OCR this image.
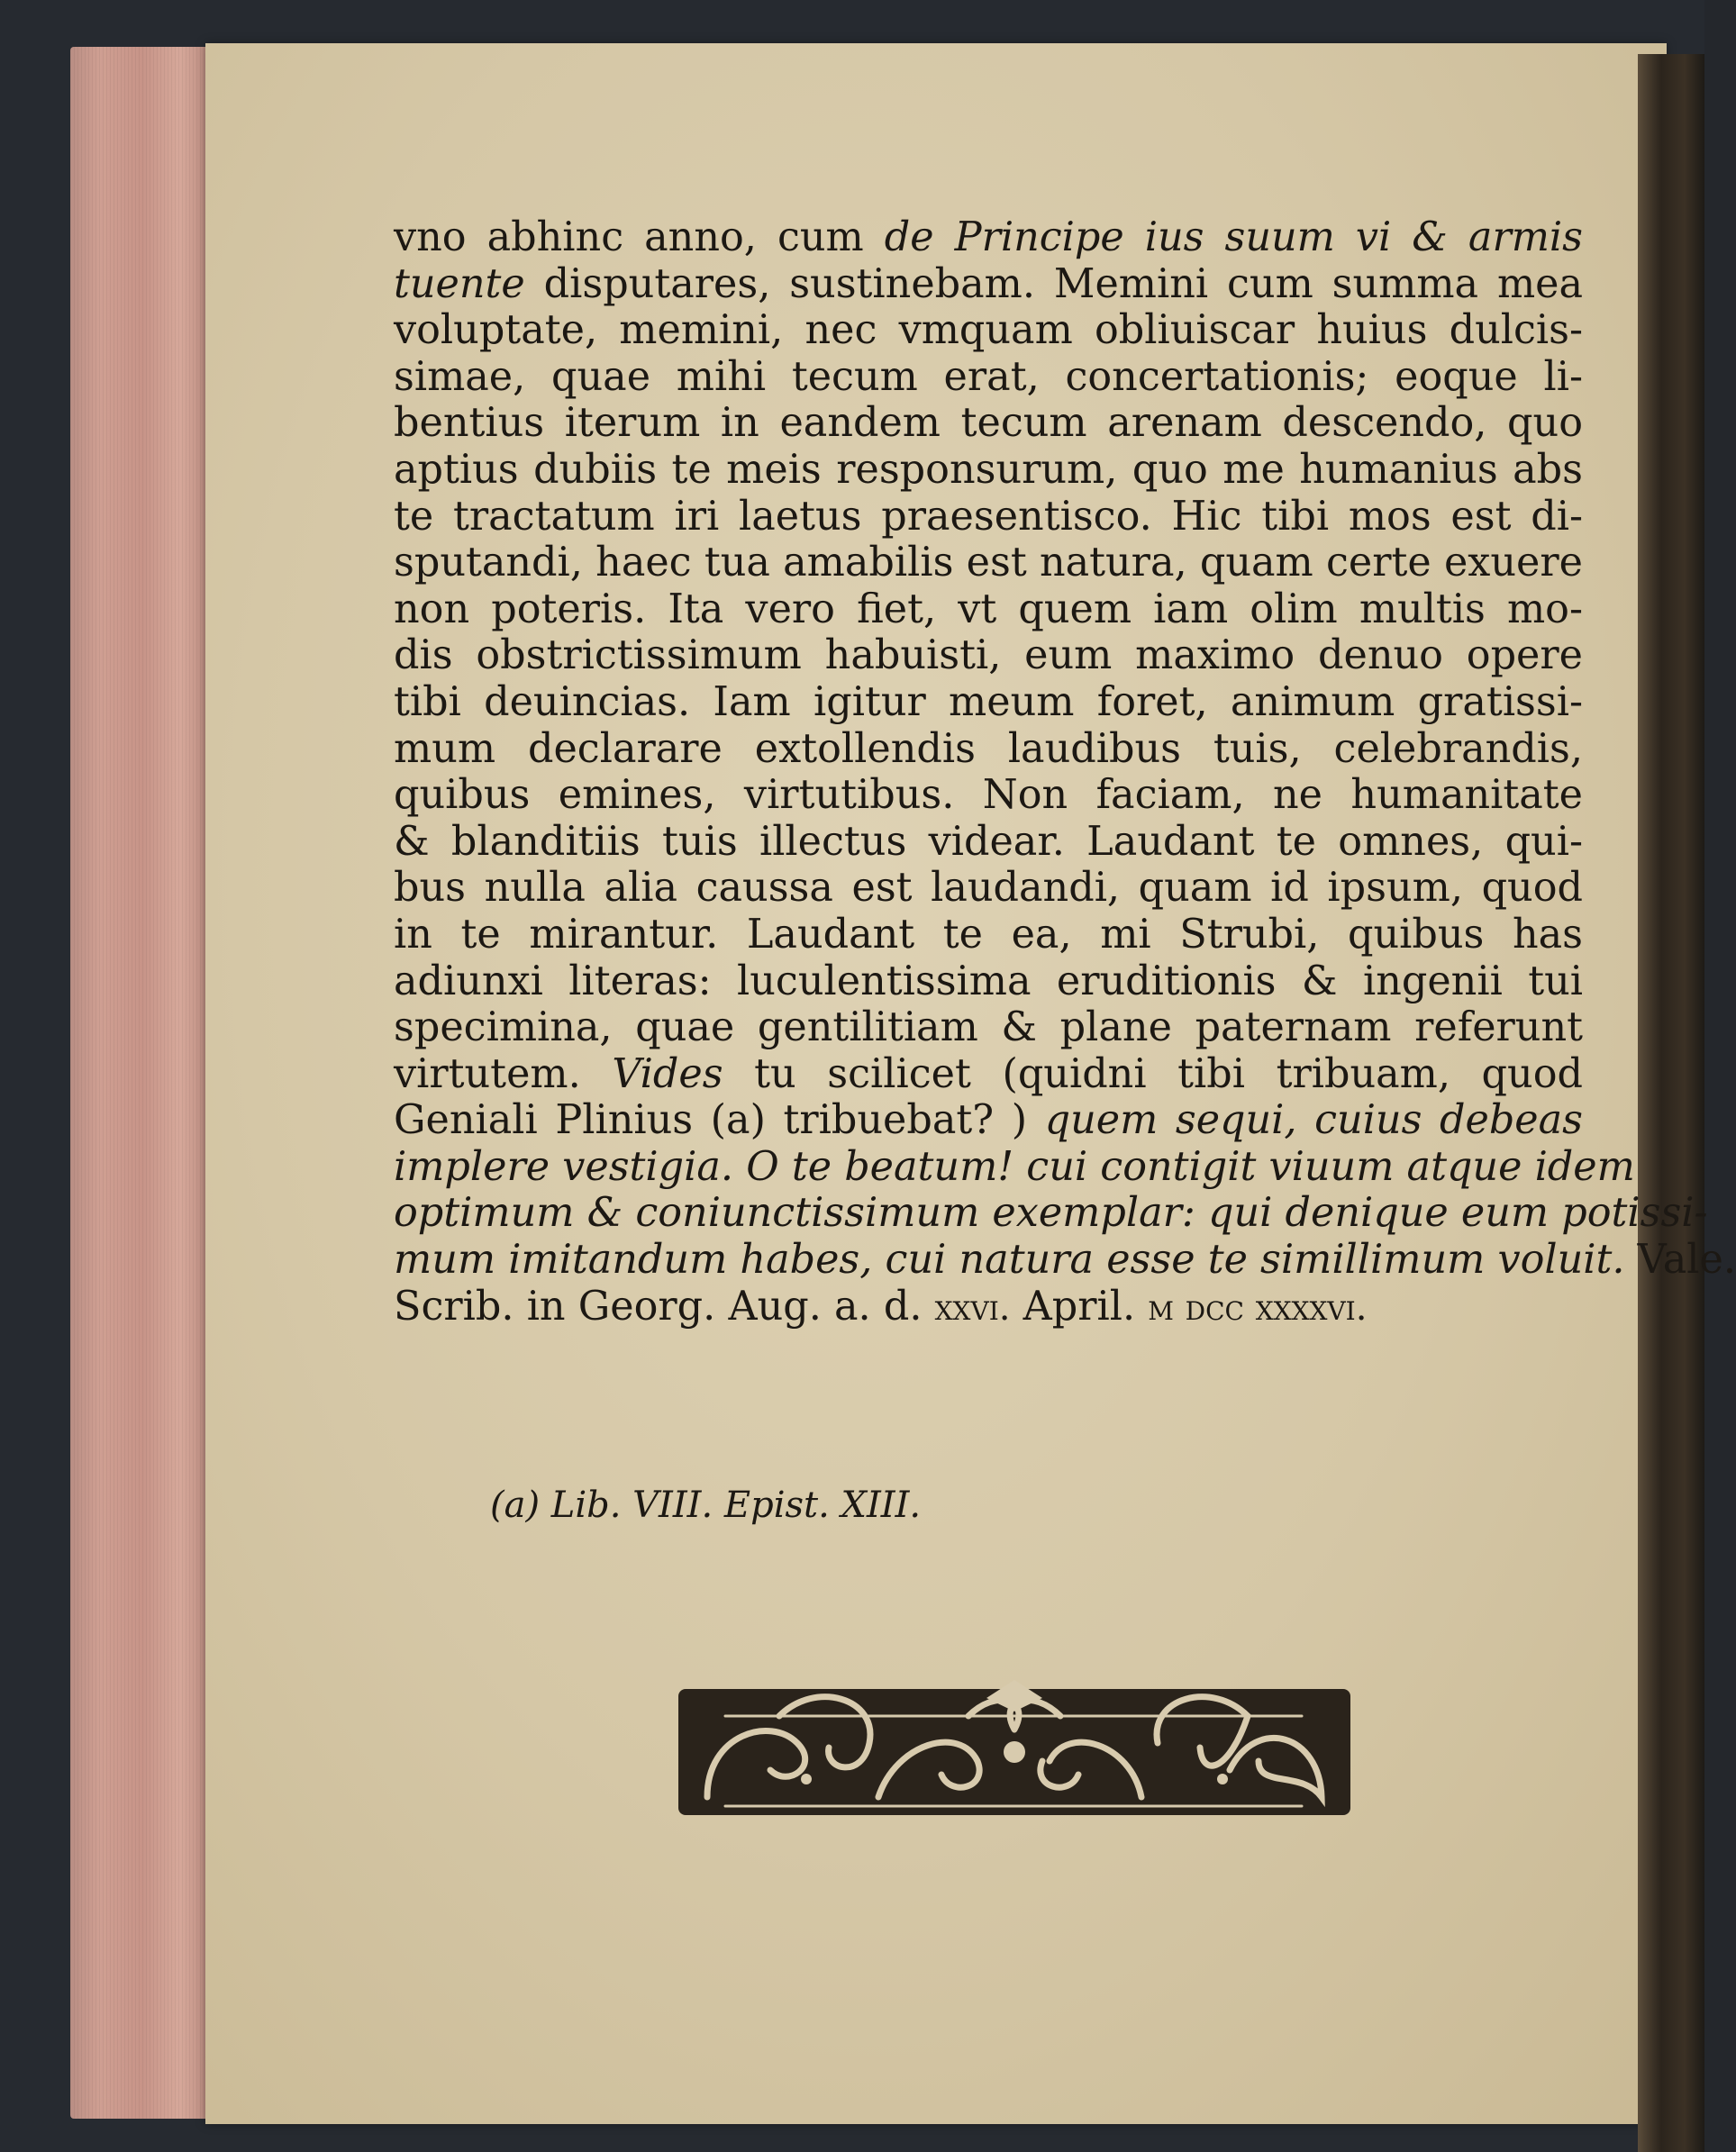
vno abhinc anno, cum de Principe ius suum vi & armis
tuente disputares, sustinebam. Memini cum summa mea
voluptate, memini, nec vmquam obliuiscar huius dulcis-
simae, quae mihi tecum erat, concertationis; eoque li-
bentius iterum in eandem tecum arenam descendo, quo
aptius dubiis te meis responsurum, quo me humanius abs
te tractatum iri laetus praesentisco. Hic tibi mos est di-
sputandi, haec tua amabilis est natura, quam certe exuere
non poteris. Ita vero fiet, vt quem iam olim multis mo-
dis obstrictissimum habuisti, eum maximo denuo opere
tibi deuincias. Iam igitur meum foret, animum gratissi-
mum declarare extollendis laudibus tuis, celebrandis,
quibus emines, virtutibus. Non faciam, ne humanitate
& blanditiis tuis illectus videar. Laudant te omnes, qui-
bus nulla alia caussa est laudandi, quam id ipsum, quod
in te mirantur. Laudant te ea, mi Strubi, quibus has
adiunxi literas: luculentissima eruditionis & ingenii tui
specimina, quae gentilitiam & plane paternam referunt
virtutem. Vides tu scilicet (quidni tibi tribuam, quod
Geniali Plinius (a) tribuebat? ) quem sequi, cuius debeas
implere vestigia. O te beatum! cui contigit viuum atque idem
optimum & coniunctissimum exemplar: qui denique eum potissi-
mum imitandum habes, cui natura esse te simillimum voluit. Vale.
Scrib. in Georg. Aug. a. d. xxvi. April. m dcc xxxxvi.
(a) Lib. VIII. Epist. XIII.
